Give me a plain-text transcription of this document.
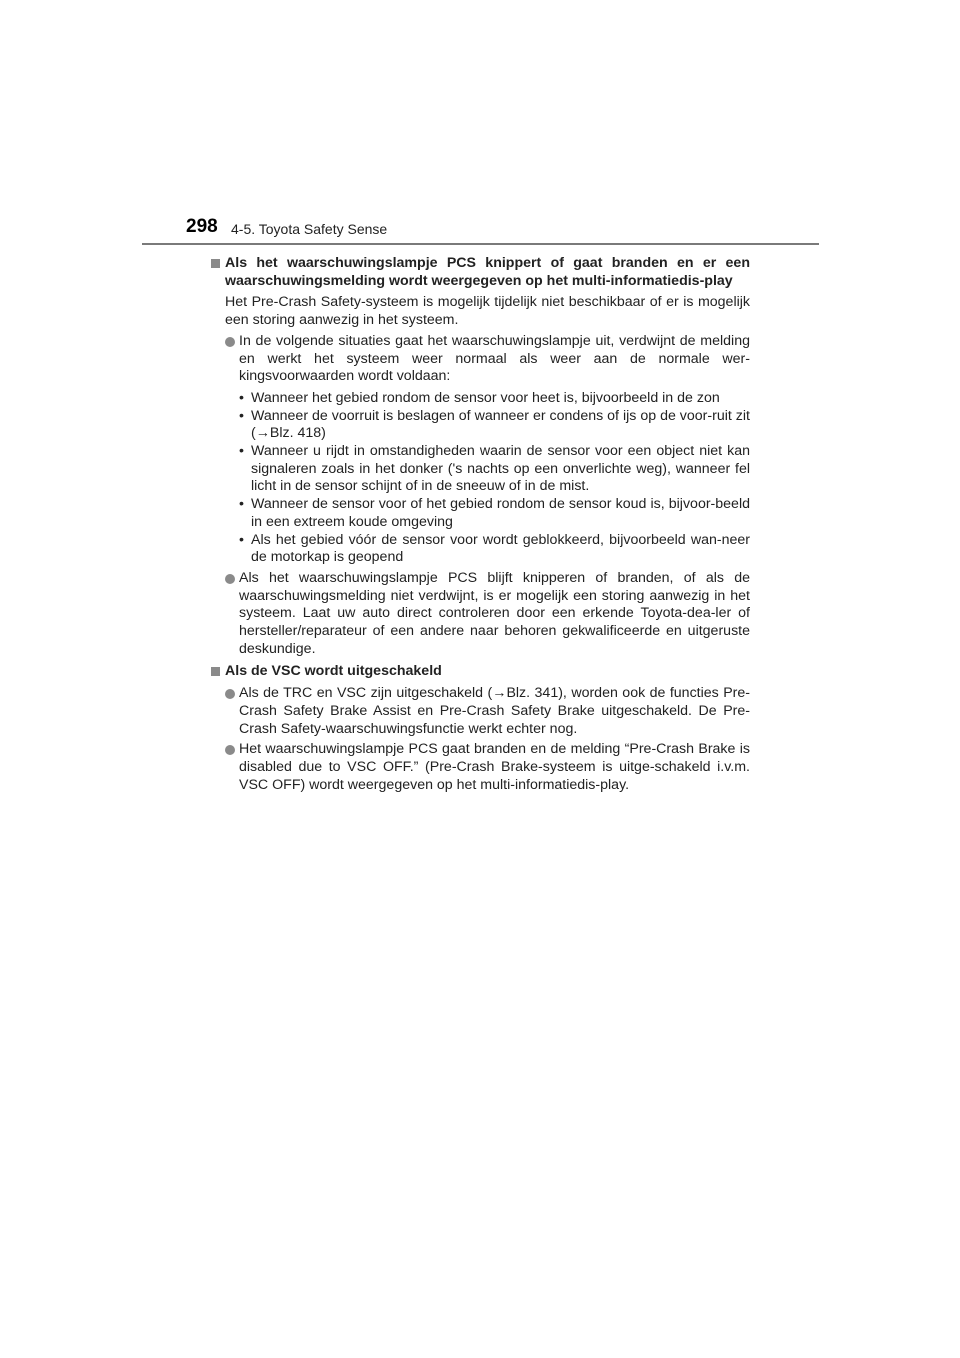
298 4-5. Toyota Safety Sense
Als het waarschuwingslampje PCS knippert of gaat branden en er een waarschuwingsmelding wordt weergegeven op het multi-informatiedis-play
Het Pre-Crash Safety-systeem is mogelijk tijdelijk niet beschikbaar of er is mogelijk een storing aanwezig in het systeem.
In de volgende situaties gaat het waarschuwingslampje uit, verdwijnt de melding en werkt het systeem weer normaal als weer aan de normale wer-kingsvoorwaarden wordt voldaan:
• Wanneer het gebied rondom de sensor voor heet is, bijvoorbeeld in de zon
• Wanneer de voorruit is beslagen of wanneer er condens of ijs op de voor-ruit zit (→Blz. 418)
• Wanneer u rijdt in omstandigheden waarin de sensor voor een object niet kan signaleren zoals in het donker ('s nachts op een onverlichte weg), wanneer fel licht in de sensor schijnt of in de sneeuw of in de mist.
• Wanneer de sensor voor of het gebied rondom de sensor koud is, bijvoor-beeld in een extreem koude omgeving
• Als het gebied vóór de sensor voor wordt geblokkeerd, bijvoorbeeld wan-neer de motorkap is geopend
Als het waarschuwingslampje PCS blijft knipperen of branden, of als de waarschuwingsmelding niet verdwijnt, is er mogelijk een storing aanwezig in het systeem. Laat uw auto direct controleren door een erkende Toyota-dea-ler of hersteller/reparateur of een andere naar behoren gekwalificeerde en uitgeruste deskundige.
Als de VSC wordt uitgeschakeld
Als de TRC en VSC zijn uitgeschakeld (→Blz. 341), worden ook de functies Pre-Crash Safety Brake Assist en Pre-Crash Safety Brake uitgeschakeld. De Pre-Crash Safety-waarschuwingsfunctie werkt echter nog.
Het waarschuwingslampje PCS gaat branden en de melding “Pre-Crash Brake is disabled due to VSC OFF.” (Pre-Crash Brake-systeem is uitge-schakeld i.v.m. VSC OFF) wordt weergegeven op het multi-informatiedis-play.
